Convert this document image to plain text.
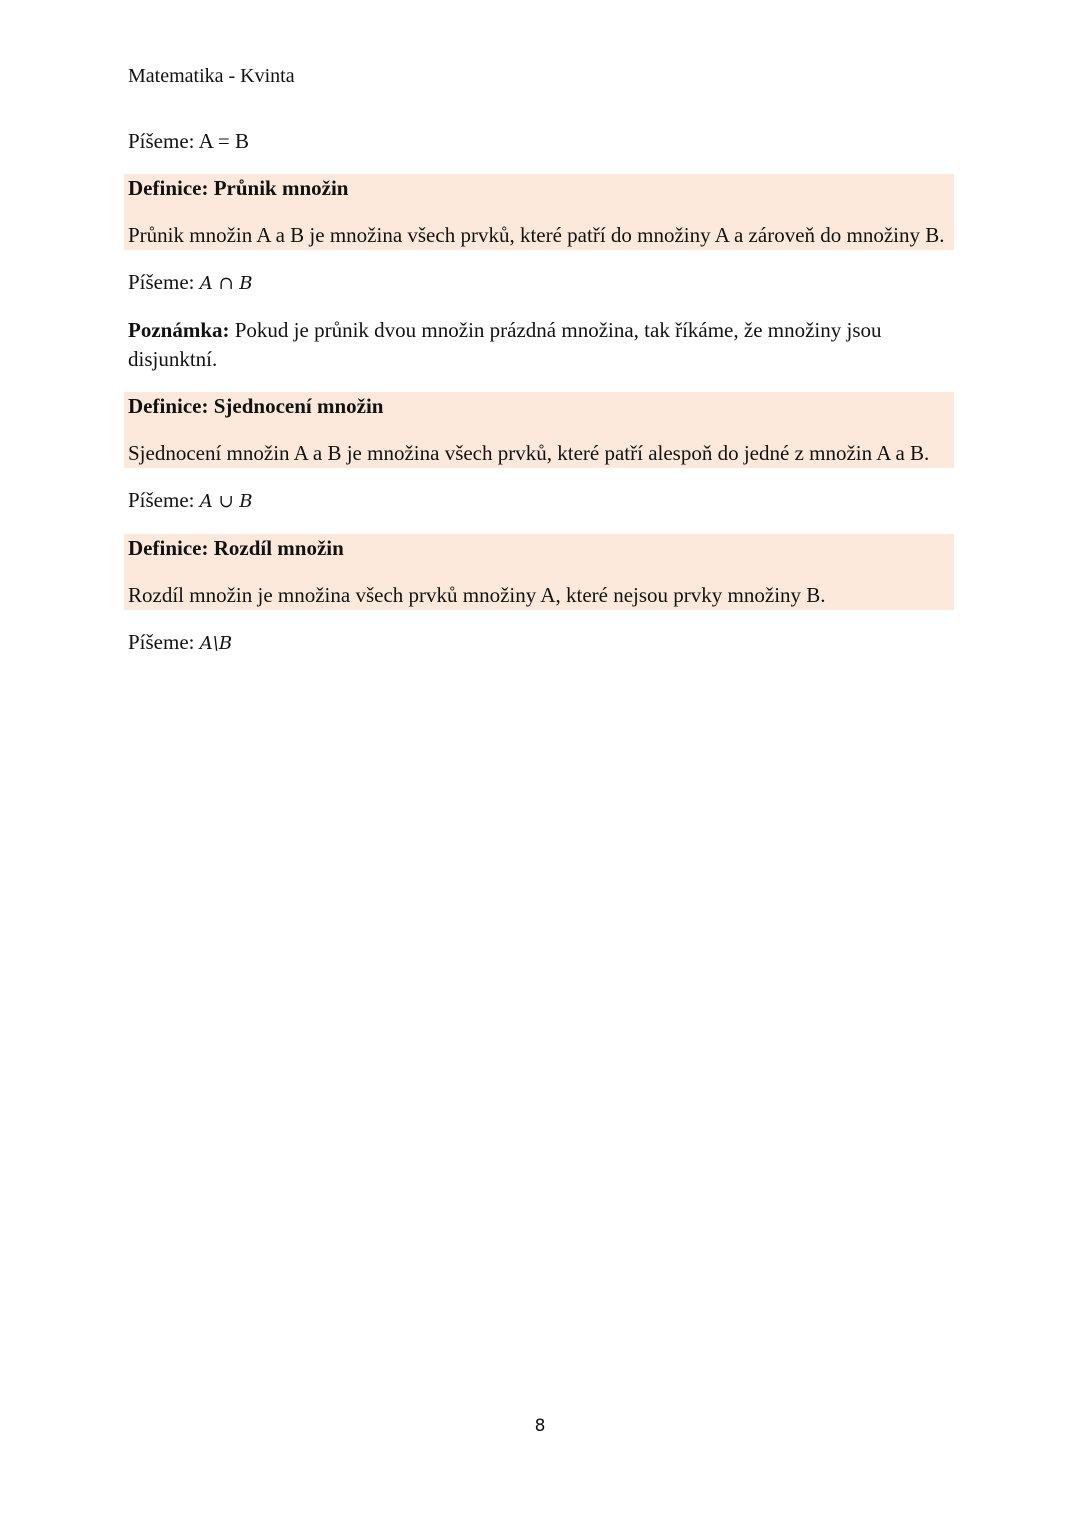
Matematika - Kvinta

Píšeme: A = B

Definice: Průnik množin

Průnik množin A a B je množina všech prvků, které patří do množiny A a zároveň do množiny B.

Píšeme: A ∩ B

Poznámka: Pokud je průnik dvou množin prázdná množina, tak říkáme, že množiny jsou disjunktní.

Definice: Sjednocení množin

Sjednocení množin A a B je množina všech prvků, které patří alespoň do jedné z množin A a B.

Píšeme: A ∪ B

Definice: Rozdíl množin

Rozdíl množin je množina všech prvků množiny A, které nejsou prvky množiny B.

Píšeme: A\B

8
